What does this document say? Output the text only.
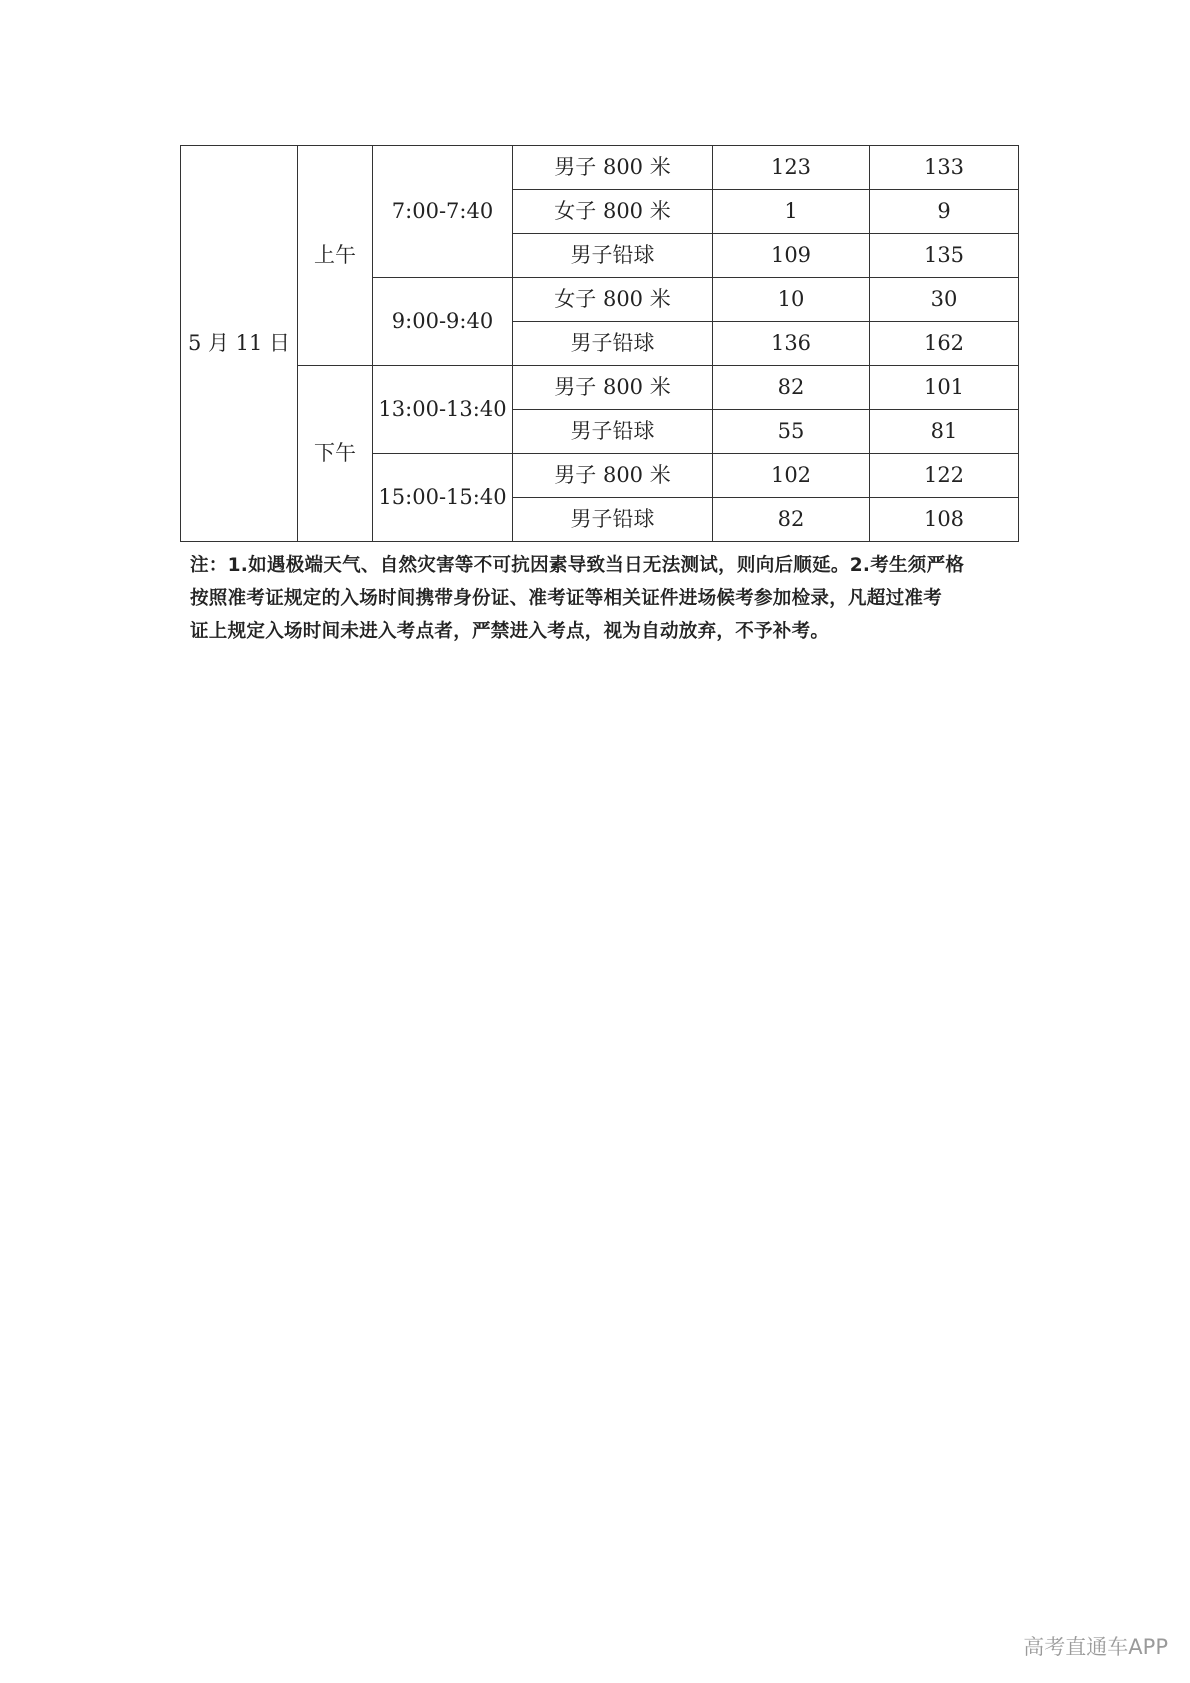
5 月 11 日	上午	7:00-7:40	男子 800 米	123	133
			女子 800 米	1	9
			男子铅球	109	135
		9:00-9:40	女子 800 米	10	30
			男子铅球	136	162
	下午	13:00-13:40	男子 800 米	82	101
			男子铅球	55	81
		15:00-15:40	男子 800 米	102	122
			男子铅球	82	108
注：1.如遇极端天气、自然灾害等不可抗因素导致当日无法测试，则向后顺延。2.考生须严格
按照准考证规定的入场时间携带身份证、准考证等相关证件进场候考参加检录，凡超过准考
证上规定入场时间未进入考点者，严禁进入考点，视为自动放弃，不予补考。
高考直通车APP
